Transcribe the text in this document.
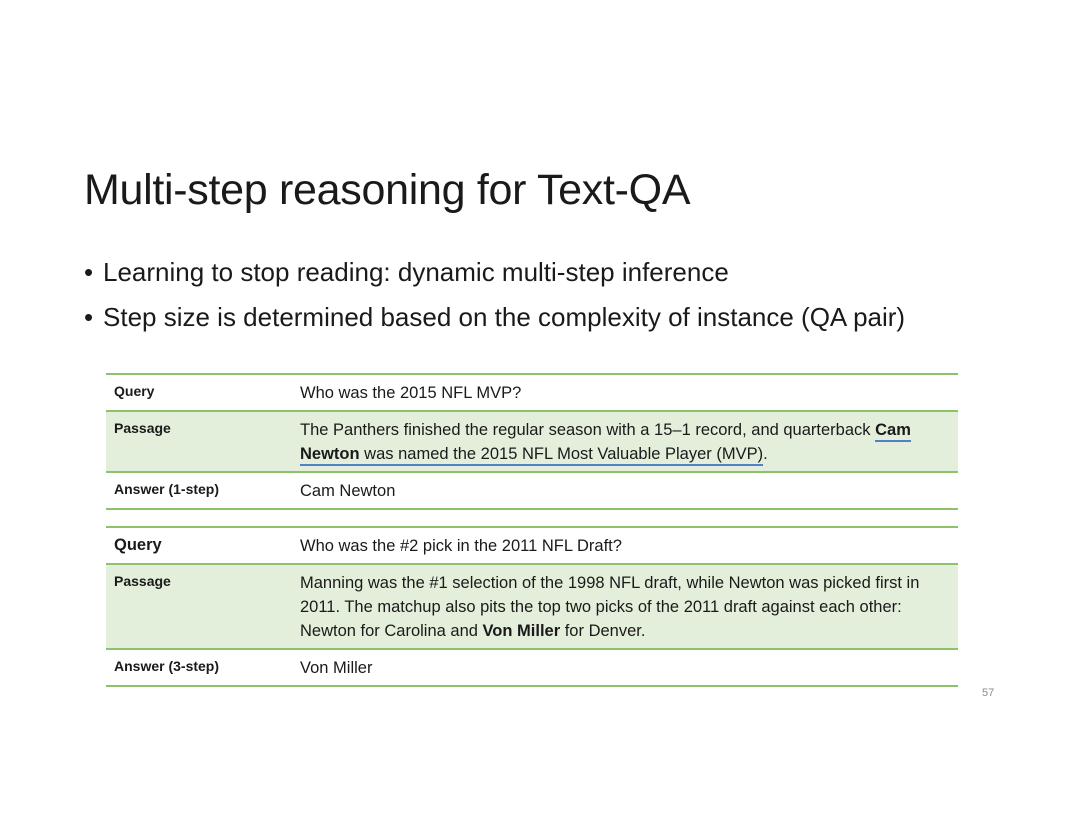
Multi-step reasoning for Text-QA
• Learning to stop reading: dynamic multi-step inference
• Step size is determined based on the complexity of instance (QA pair)
Query	Who was the 2015 NFL MVP?
Passage	The Panthers finished the regular season with a 15–1 record, and quarterback Cam Newton was named the 2015 NFL Most Valuable Player (MVP).
Answer (1-step)	Cam Newton
Query	Who was the #2 pick in the 2011 NFL Draft?
Passage	Manning was the #1 selection of the 1998 NFL draft, while Newton was picked first in 2011. The matchup also pits the top two picks of the 2011 draft against each other: Newton for Carolina and Von Miller for Denver.
Answer (3-step)	Von Miller
57
